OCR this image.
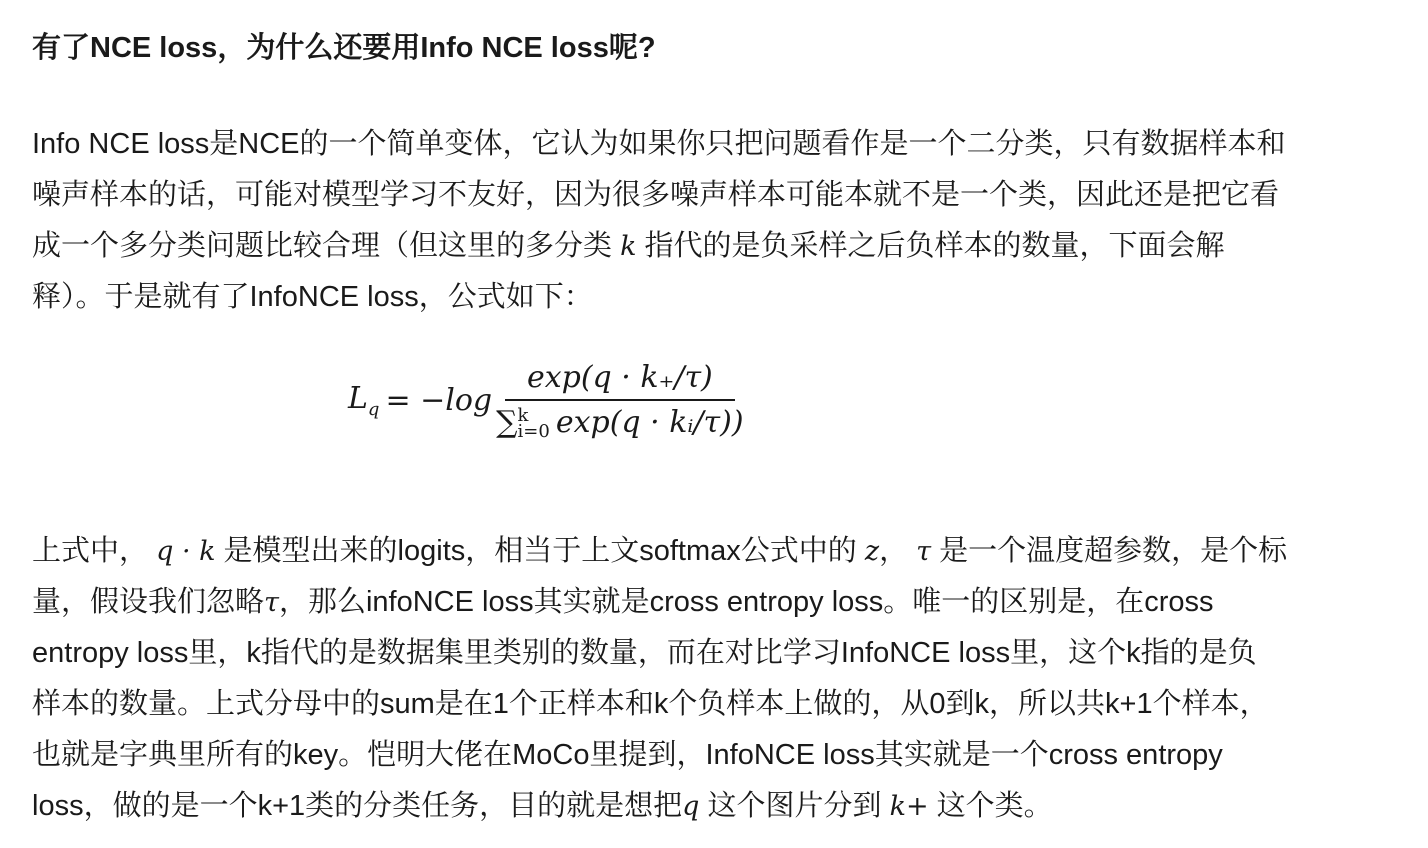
有了NCE loss，为什么还要用Info NCE loss呢?
Info NCE loss是NCE的一个简单变体，它认为如果你只把问题看作是一个二分类，只有数据样本和
噪声样本的话，可能对模型学习不友好，因为很多噪声样本可能本就不是一个类，因此还是把它看
成一个多分类问题比较合理（但这里的多分类 k 指代的是负采样之后负样本的数量，下面会解
释）。于是就有了InfoNCE loss，公式如下：
$L_q = -\log$ exp(q · k₊/τ)
∑ k
i=0 exp(q · kᵢ/τ))
上式中， q · k 是模型出来的logits，相当于上文softmax公式中的 z， τ 是一个温度超参数，是个标
量，假设我们忽略τ，那么infoNCE loss其实就是cross entropy loss。唯一的区别是，在cross
entropy loss里，k指代的是数据集里类别的数量，而在对比学习InfoNCE loss里，这个k指的是负
样本的数量。上式分母中的sum是在1个正样本和k个负样本上做的，从0到k，所以共k+1个样本，
也就是字典里所有的key。恺明大佬在MoCo里提到，InfoNCE loss其实就是一个cross entropy
loss，做的是一个k+1类的分类任务，目的就是想把q 这个图片分到 k+ 这个类。
